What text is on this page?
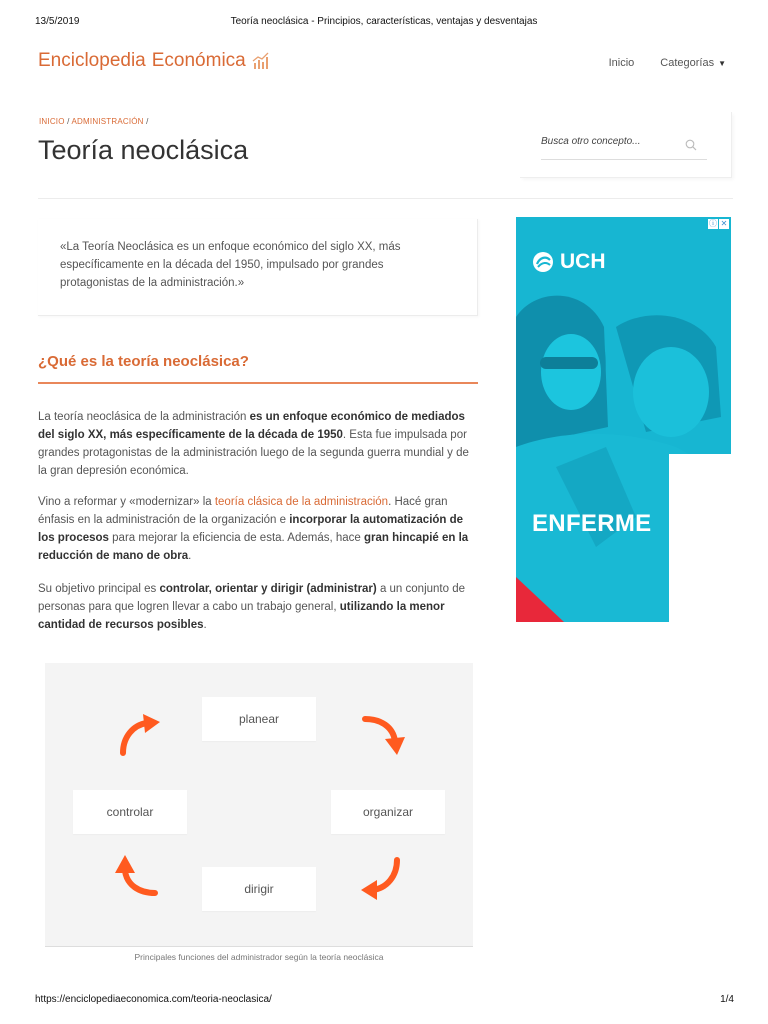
13/5/2019	Teoría neoclásica - Principios, características, ventajas y desventajas
Enciclopedia Económica	Inicio Categorías ▼
INICIO / ADMINISTRACIÓN /
Teoría neoclásica	Busca otro concepto...
«La Teoría Neoclásica es un enfoque económico del siglo XX, más específicamente en la década del 1950, impulsado por grandes protagonistas de la administración.»
¿Qué es la teoría neoclásica?

La teoría neoclásica de la administración es un enfoque económico de mediados del siglo XX, más específicamente de la década de 1950. Esta fue impulsada por grandes protagonistas de la administración luego de la segunda guerra mundial y de la gran depresión económica.

Vino a reformar y «modernizar» la teoría clásica de la administración. Hacé gran énfasis en la administración de la organización e incorporar la automatización de los procesos para mejorar la eficiencia de esta. Además, hace gran hincapié en la reducción de mano de obra.

Su objetivo principal es controlar, orientar y dirigir (administrar) a un conjunto de personas para que logren llevar a cabo un trabajo general, utilizando la menor cantidad de recursos posibles.

planear
controlar	organizar
dirigir
Principales funciones del administrador según la teoría neoclásica
UCH
ENFERME
ⓘ ✕
https://enciclopediaeconomica.com/teoria-neoclasica/	1/4
